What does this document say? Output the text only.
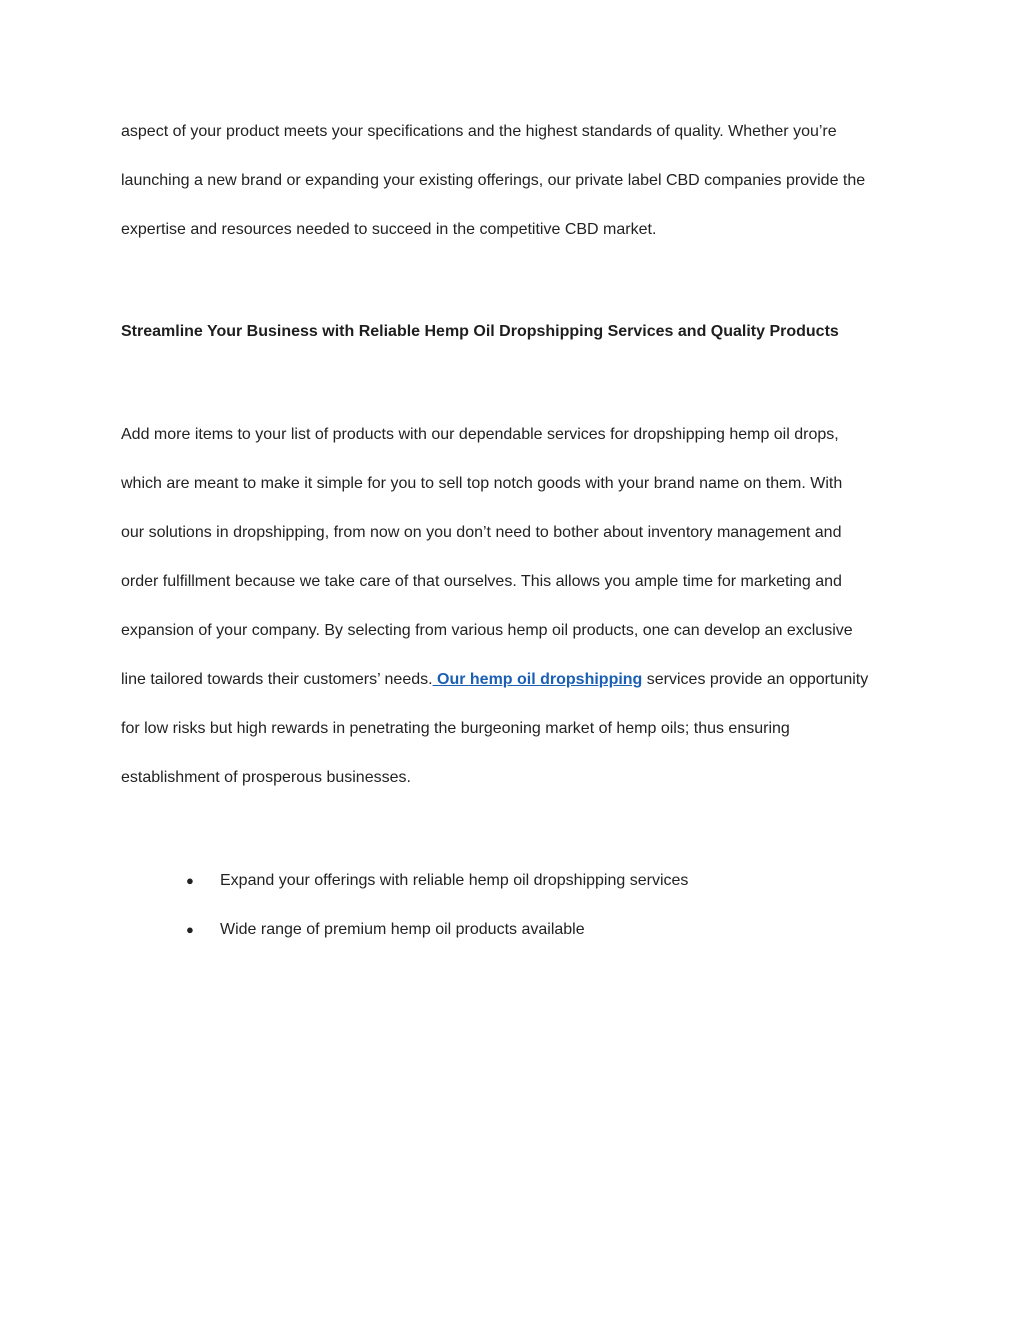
aspect of your product meets your specifications and the highest standards of quality. Whether you’re
launching a new brand or expanding your existing offerings, our private label CBD companies provide the
expertise and resources needed to succeed in the competitive CBD market.
Streamline Your Business with Reliable Hemp Oil Dropshipping Services and Quality Products
Add more items to your list of products with our dependable services for dropshipping hemp oil drops,
which are meant to make it simple for you to sell top notch goods with your brand name on them. With
our solutions in dropshipping, from now on you don’t need to bother about inventory management and
order fulfillment because we take care of that ourselves. This allows you ample time for marketing and
expansion of your company. By selecting from various hemp oil products, one can develop an exclusive
line tailored towards their customers’ needs. Our hemp oil dropshipping services provide an opportunity
for low risks but high rewards in penetrating the burgeoning market of hemp oils; thus ensuring
establishment of prosperous businesses.
● Expand your offerings with reliable hemp oil dropshipping services
● Wide range of premium hemp oil products available
